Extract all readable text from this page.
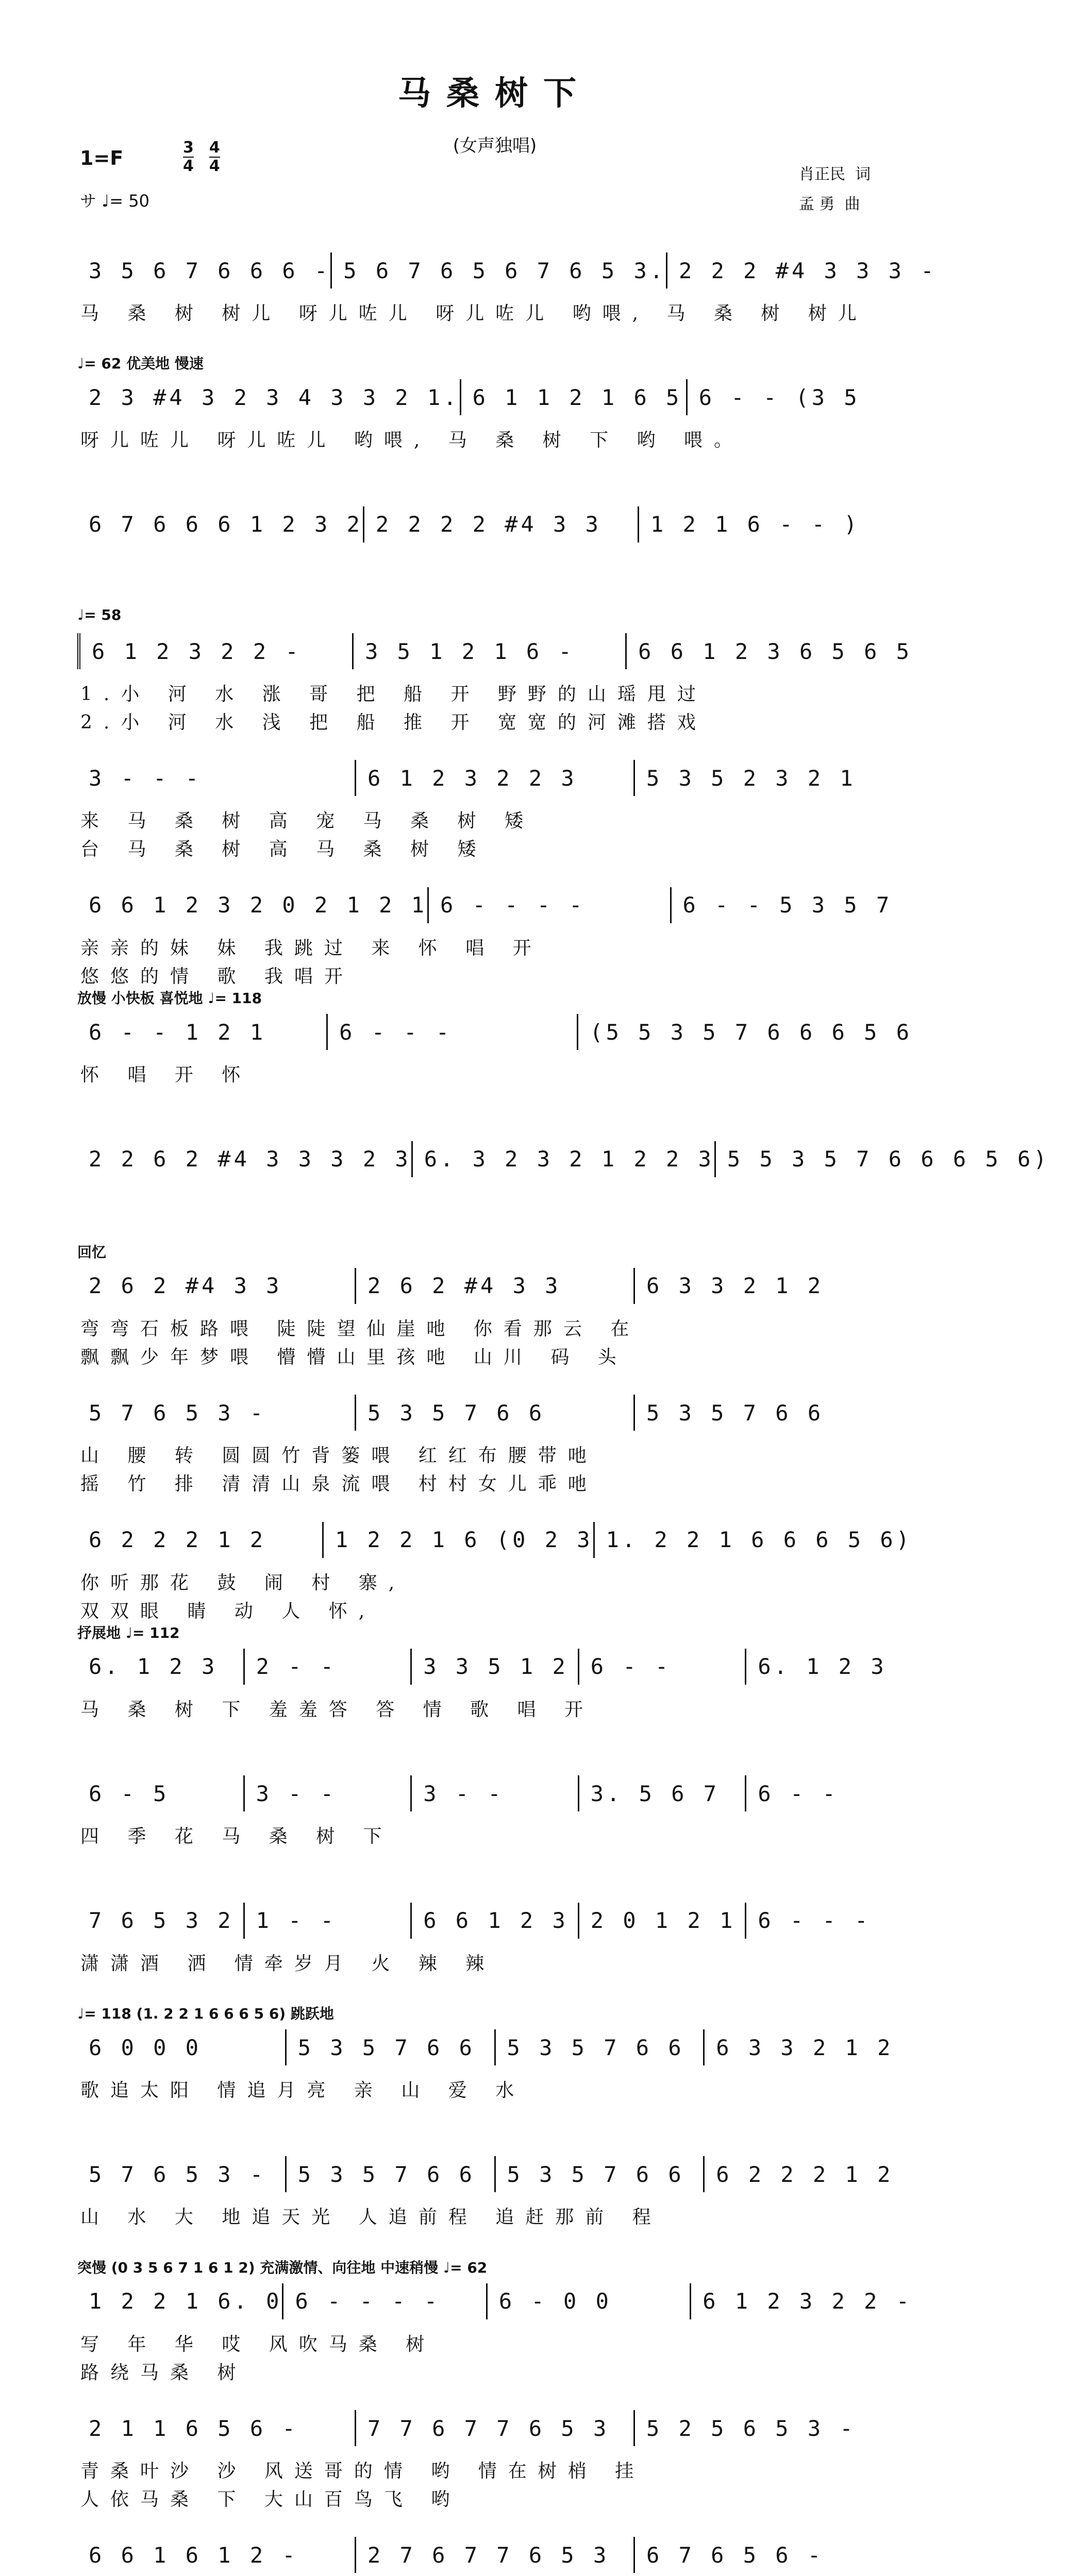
马桑树下
(女声独唱)
1=F	$\frac{3}{4} \frac{4}{4}$
サ ♩= 50
肖正民  词
孟 勇  曲
3 5 6 7 6 6 6 - 5 6 7 6 5 6 7 6 5 3. 2 2 2 #4 3 3 3 -
马 桑 树 树儿 呀儿咗儿 呀儿咗儿 哟喂, 马 桑 树 树儿
♩= 62 优美地 慢速
2 3 #4 3 2 3 4 3 3 2 1. 6 1 1 2 1 6 5 6 - - (3 5
呀儿咗儿 呀儿咗儿 哟喂, 马 桑 树 下 哟 喂。
6 7 6 6 6 1 2 3 2 2 2 2 2 #4 3 3	1 2 1 6 - - )
♩= 58
6 1 2 3 2 2 -	3 5 1 2 1 6 -	6 6 1 2 3 6 5 6 5
1.小 河 水 涨 哥 把 船 开 野野的山瑶甩过
2.小 河 水 浅 把 船 推 开 宽宽的河滩搭戏
3 - - -	6 1 2 3 2 2 3	5 3 5 2 3 2 1
来 马 桑 树 高 宠 马 桑 树 矮
台 马 桑 树 高 马 桑 树 矮
6 6 1 2 3 2 0 2 1 2 1 6 - - - -	6 - - 5 3 5 7
亲亲的妹 妹 我跳过 来 怀 唱 开
悠悠的情 歌 我唱开
放慢 小快板 喜悦地 ♩= 118
6 - - 1 2 1	6 - - -	(5 5 3 5 7 6 6 6 5 6
怀 唱 开 怀
2 2 6 2 #4 3 3 3 2 3 6. 3 2 3 2 1 2 2 3 5 5 3 5 7 6 6 6 5 6)
回忆
2 6 2 #4 3 3	2 6 2 #4 3 3	6 3 3 2 1 2
弯弯石板路喂 陡陡望仙崖吔 你看那云 在
飘飘少年梦喂 懵懵山里孩吔 山川 码 头
5 7 6 5 3 -	5 3 5 7 6 6	5 3 5 7 6 6
山 腰 转 圆圆竹背篓喂 红红布腰带吔
摇 竹 排 清清山泉流喂 村村女儿乖吔
6 2 2 2 1 2	1 2 2 1 6 (0 2 3 1. 2 2 1 6 6 6 5 6)
你听那花 鼓 闹 村 寨,
双双眼 睛 动 人 怀,
抒展地 ♩= 112
6. 1 2 3	2 - -	3 3 5 1 2	6 - -	6. 1 2 3
马 桑 树 下 羞羞答 答 情 歌 唱 开
6 - 5	3 - -	3 - -	3. 5 6 7	6 - -
四 季 花 马 桑 树 下
7 6 5 3 2	1 - -	6 6 1 2 3	2 0 1 2 1	6 - - -
潇潇酒 洒 情牵岁月 火 辣 辣
♩= 118 (1. 2 2 1 6 6 6 5 6) 跳跃地
6 0 0 0	5 3 5 7 6 6	5 3 5 7 6 6	6 3 3 2 1 2
歌追太阳 情追月亮 亲 山 爱 水
5 7 6 5 3 -	5 3 5 7 6 6	5 3 5 7 6 6	6 2 2 2 1 2
山 水 大 地追天光 人追前程 追赶那前 程
突慢 (0 3 5 6 7 1 6 1 2) 充满激情、向往地 中速稍慢 ♩= 62
1 2 2 1 6. 0 6 - - - -	6 - 0 0	6 1 2 3 2 2 -
写 年 华 哎 风吹马桑 树
路绕马桑 树
2 1 1 6 5 6 -	7 7 6 7 7 6 5 3	5 2 5 6 5 3 -
青桑叶沙 沙 风送哥的情 哟 情在树梢 挂
人依马桑 下 大山百鸟飞 哟
6 6 1 6 1 2 -	2 7 6 7 7 6 5 3	6 7 6 5 6 -
